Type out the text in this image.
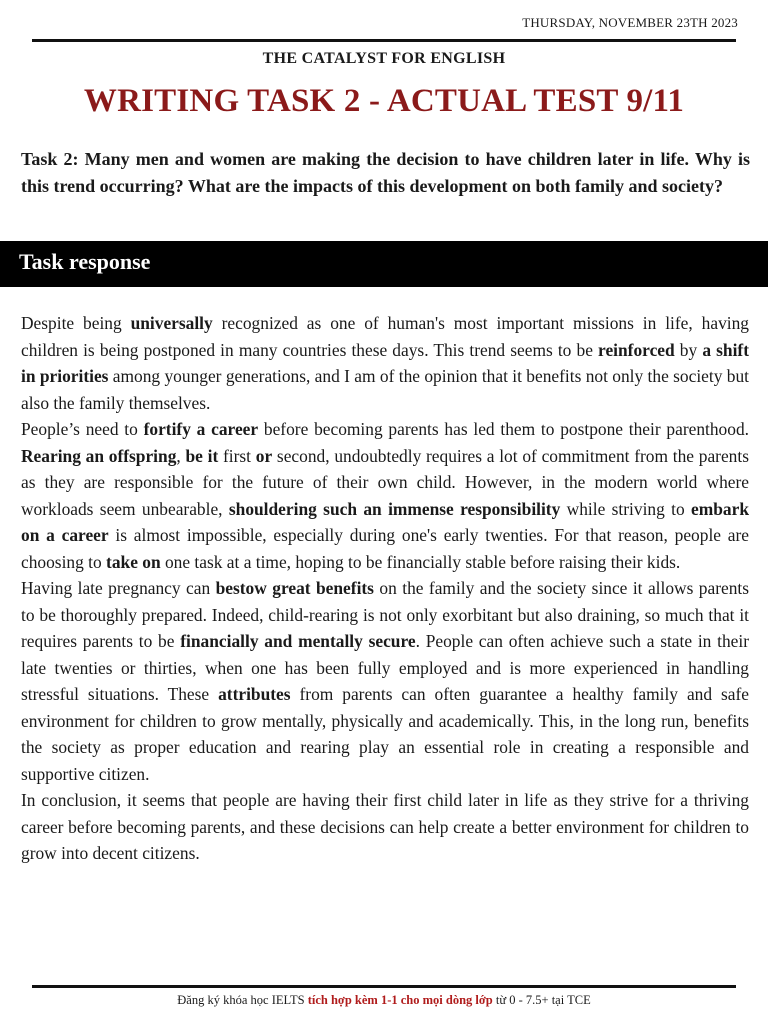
THURSDAY, NOVEMBER 23TH 2023
THE CATALYST FOR ENGLISH
WRITING TASK 2 - ACTUAL TEST 9/11
Task 2: Many men and women are making the decision to have children later in life. Why is this trend occurring? What are the impacts of this development on both family and society?
Task response

Despite being universally recognized as one of human's most important missions in life, having children is being postponed in many countries these days. This trend seems to be reinforced by a shift in priorities among younger generations, and I am of the opinion that it benefits not only the society but also the family themselves.

People’s need to fortify a career before becoming parents has led them to postpone their parenthood. Rearing an offspring, be it first or second, undoubtedly requires a lot of commitment from the parents as they are responsible for the future of their own child. However, in the modern world where workloads seem unbearable, shouldering such an immense responsibility while striving to embark on a career is almost impossible, especially during one's early twenties. For that reason, people are choosing to take on one task at a time, hoping to be financially stable before raising their kids.

Having late pregnancy can bestow great benefits on the family and the society since it allows parents to be thoroughly prepared. Indeed, child-rearing is not only exorbitant but also draining, so much that it requires parents to be financially and mentally secure. People can often achieve such a state in their late twenties or thirties, when one has been fully employed and is more experienced in handling stressful situations. These attributes from parents can often guarantee a healthy family and safe environment for children to grow mentally, physically and academically. This, in the long run, benefits the society as proper education and rearing play an essential role in creating a responsible and supportive citizen.

In conclusion, it seems that people are having their first child later in life as they strive for a thriving career before becoming parents, and these decisions can help create a better environment for children to grow into decent citizens.

Đăng ký khóa học IELTS tích hợp kèm 1-1 cho mọi dòng lớp từ 0 - 7.5+ tại TCE
